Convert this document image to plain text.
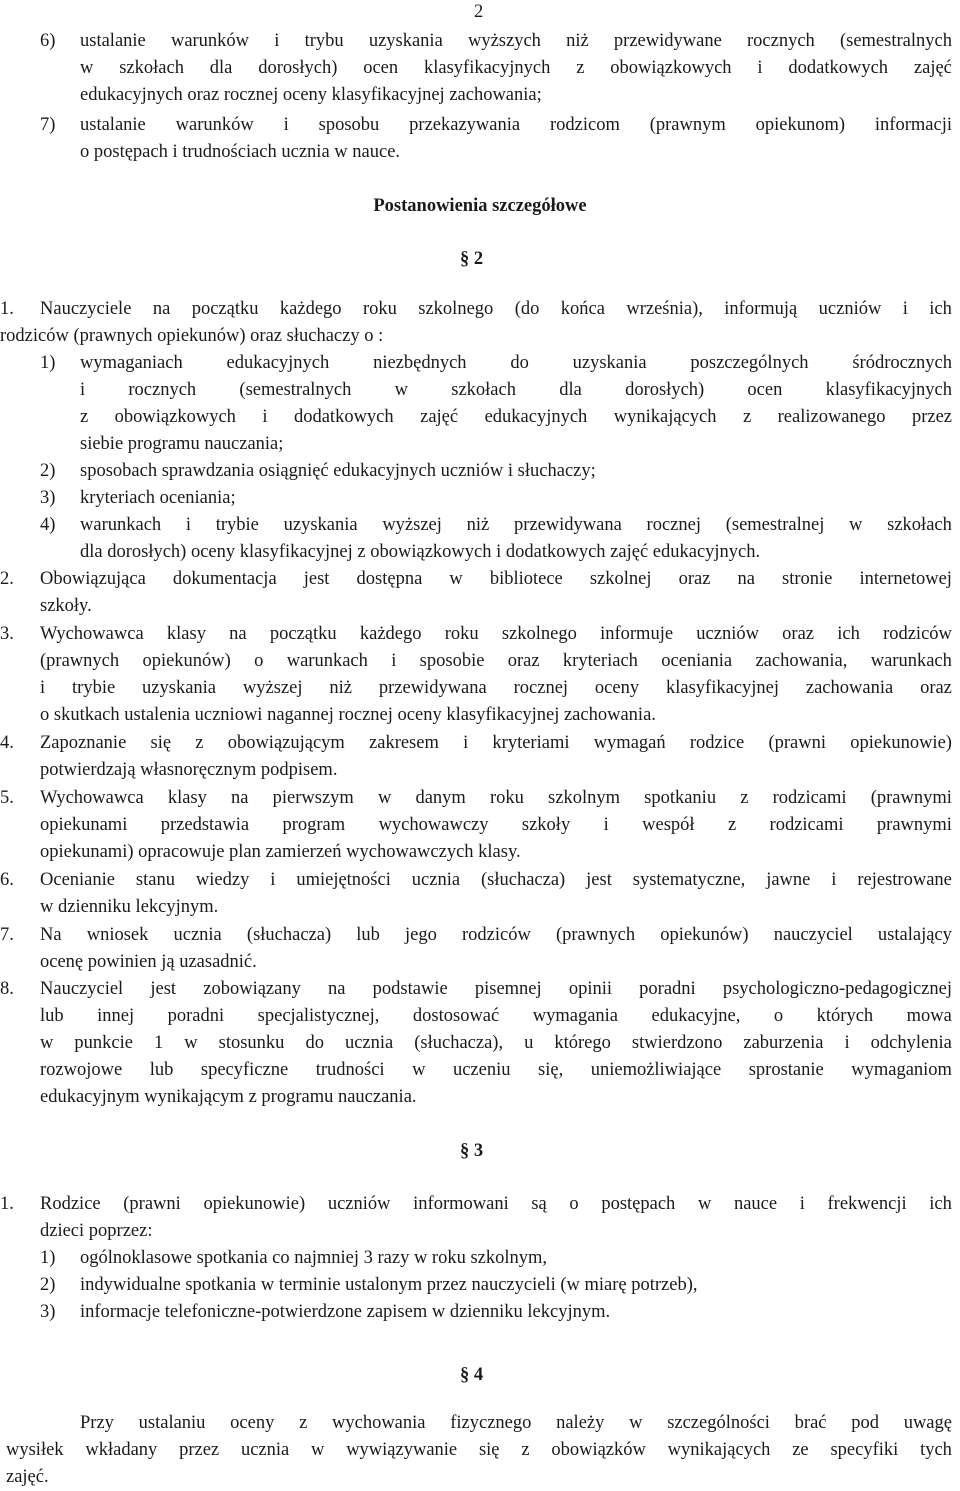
2
6)	ustalanie warunków i trybu uzyskania wyższych niż przewidywane rocznych (semestralnych
w szkołach dla dorosłych) ocen klasyfikacyjnych z obowiązkowych i dodatkowych zajęć
edukacyjnych oraz rocznej oceny klasyfikacyjnej zachowania;
7)	ustalanie warunków i sposobu przekazywania rodzicom (prawnym opiekunom) informacji
o postępach i trudnościach ucznia w nauce.
Postanowienia szczegółowe
§ 2
1.	Nauczyciele na początku każdego roku szkolnego (do końca września), informują uczniów i ich
rodziców (prawnych opiekunów) oraz słuchaczy o :
1)	wymaganiach edukacyjnych niezbędnych do uzyskania poszczególnych śródrocznych
i rocznych (semestralnych w szkołach dla dorosłych) ocen klasyfikacyjnych
z obowiązkowych i dodatkowych zajęć edukacyjnych wynikających z realizowanego przez
siebie programu nauczania;
2) sposobach sprawdzania osiągnięć edukacyjnych uczniów i słuchaczy;
3) kryteriach oceniania;
4)	warunkach i trybie uzyskania wyższej niż przewidywana rocznej (semestralnej w szkołach
dla dorosłych) oceny klasyfikacyjnej z obowiązkowych i dodatkowych zajęć edukacyjnych.
2.	Obowiązująca dokumentacja jest dostępna w bibliotece szkolnej oraz na stronie internetowej
szkoły.
3.	Wychowawca klasy na początku każdego roku szkolnego informuje uczniów oraz ich rodziców
(prawnych opiekunów) o warunkach i sposobie oraz kryteriach oceniania zachowania, warunkach
i trybie uzyskania wyższej niż przewidywana rocznej oceny klasyfikacyjnej zachowania oraz
o skutkach ustalenia uczniowi nagannej rocznej oceny klasyfikacyjnej zachowania.
4.	Zapoznanie się z obowiązującym zakresem i kryteriami wymagań rodzice (prawni opiekunowie)
potwierdzają własnoręcznym podpisem.
5.	Wychowawca klasy na pierwszym w danym roku szkolnym spotkaniu z rodzicami (prawnymi
opiekunami przedstawia program wychowawczy szkoły i wespół z rodzicami prawnymi
opiekunami) opracowuje plan zamierzeń wychowawczych klasy.
6.	Ocenianie stanu wiedzy i umiejętności ucznia (słuchacza) jest systematyczne, jawne i rejestrowane
w dzienniku lekcyjnym.
7.	Na wniosek ucznia (słuchacza) lub jego rodziców (prawnych opiekunów) nauczyciel ustalający
ocenę powinien ją uzasadnić.
8.	Nauczyciel jest zobowiązany na podstawie pisemnej opinii poradni psychologiczno-pedagogicznej
lub innej poradni specjalistycznej, dostosować wymagania edukacyjne, o których mowa
w punkcie 1 w stosunku do ucznia (słuchacza), u którego stwierdzono zaburzenia i odchylenia
rozwojowe lub specyficzne trudności w uczeniu się, uniemożliwiające sprostanie wymaganiom
edukacyjnym wynikającym z programu nauczania.
§ 3
1.	Rodzice (prawni opiekunowie) uczniów informowani są o postępach w nauce i frekwencji ich
dzieci poprzez:
1) ogólnoklasowe spotkania co najmniej 3 razy w roku szkolnym,
2) indywidualne spotkania w terminie ustalonym przez nauczycieli (w miarę potrzeb),
3) informacje telefoniczne-potwierdzone zapisem w dzienniku lekcyjnym.
§ 4
Przy ustalaniu oceny z wychowania fizycznego należy w szczególności brać pod uwagę
wysiłek wkładany przez ucznia w wywiązywanie się z obowiązków wynikających ze specyfiki tych
zajęć.
